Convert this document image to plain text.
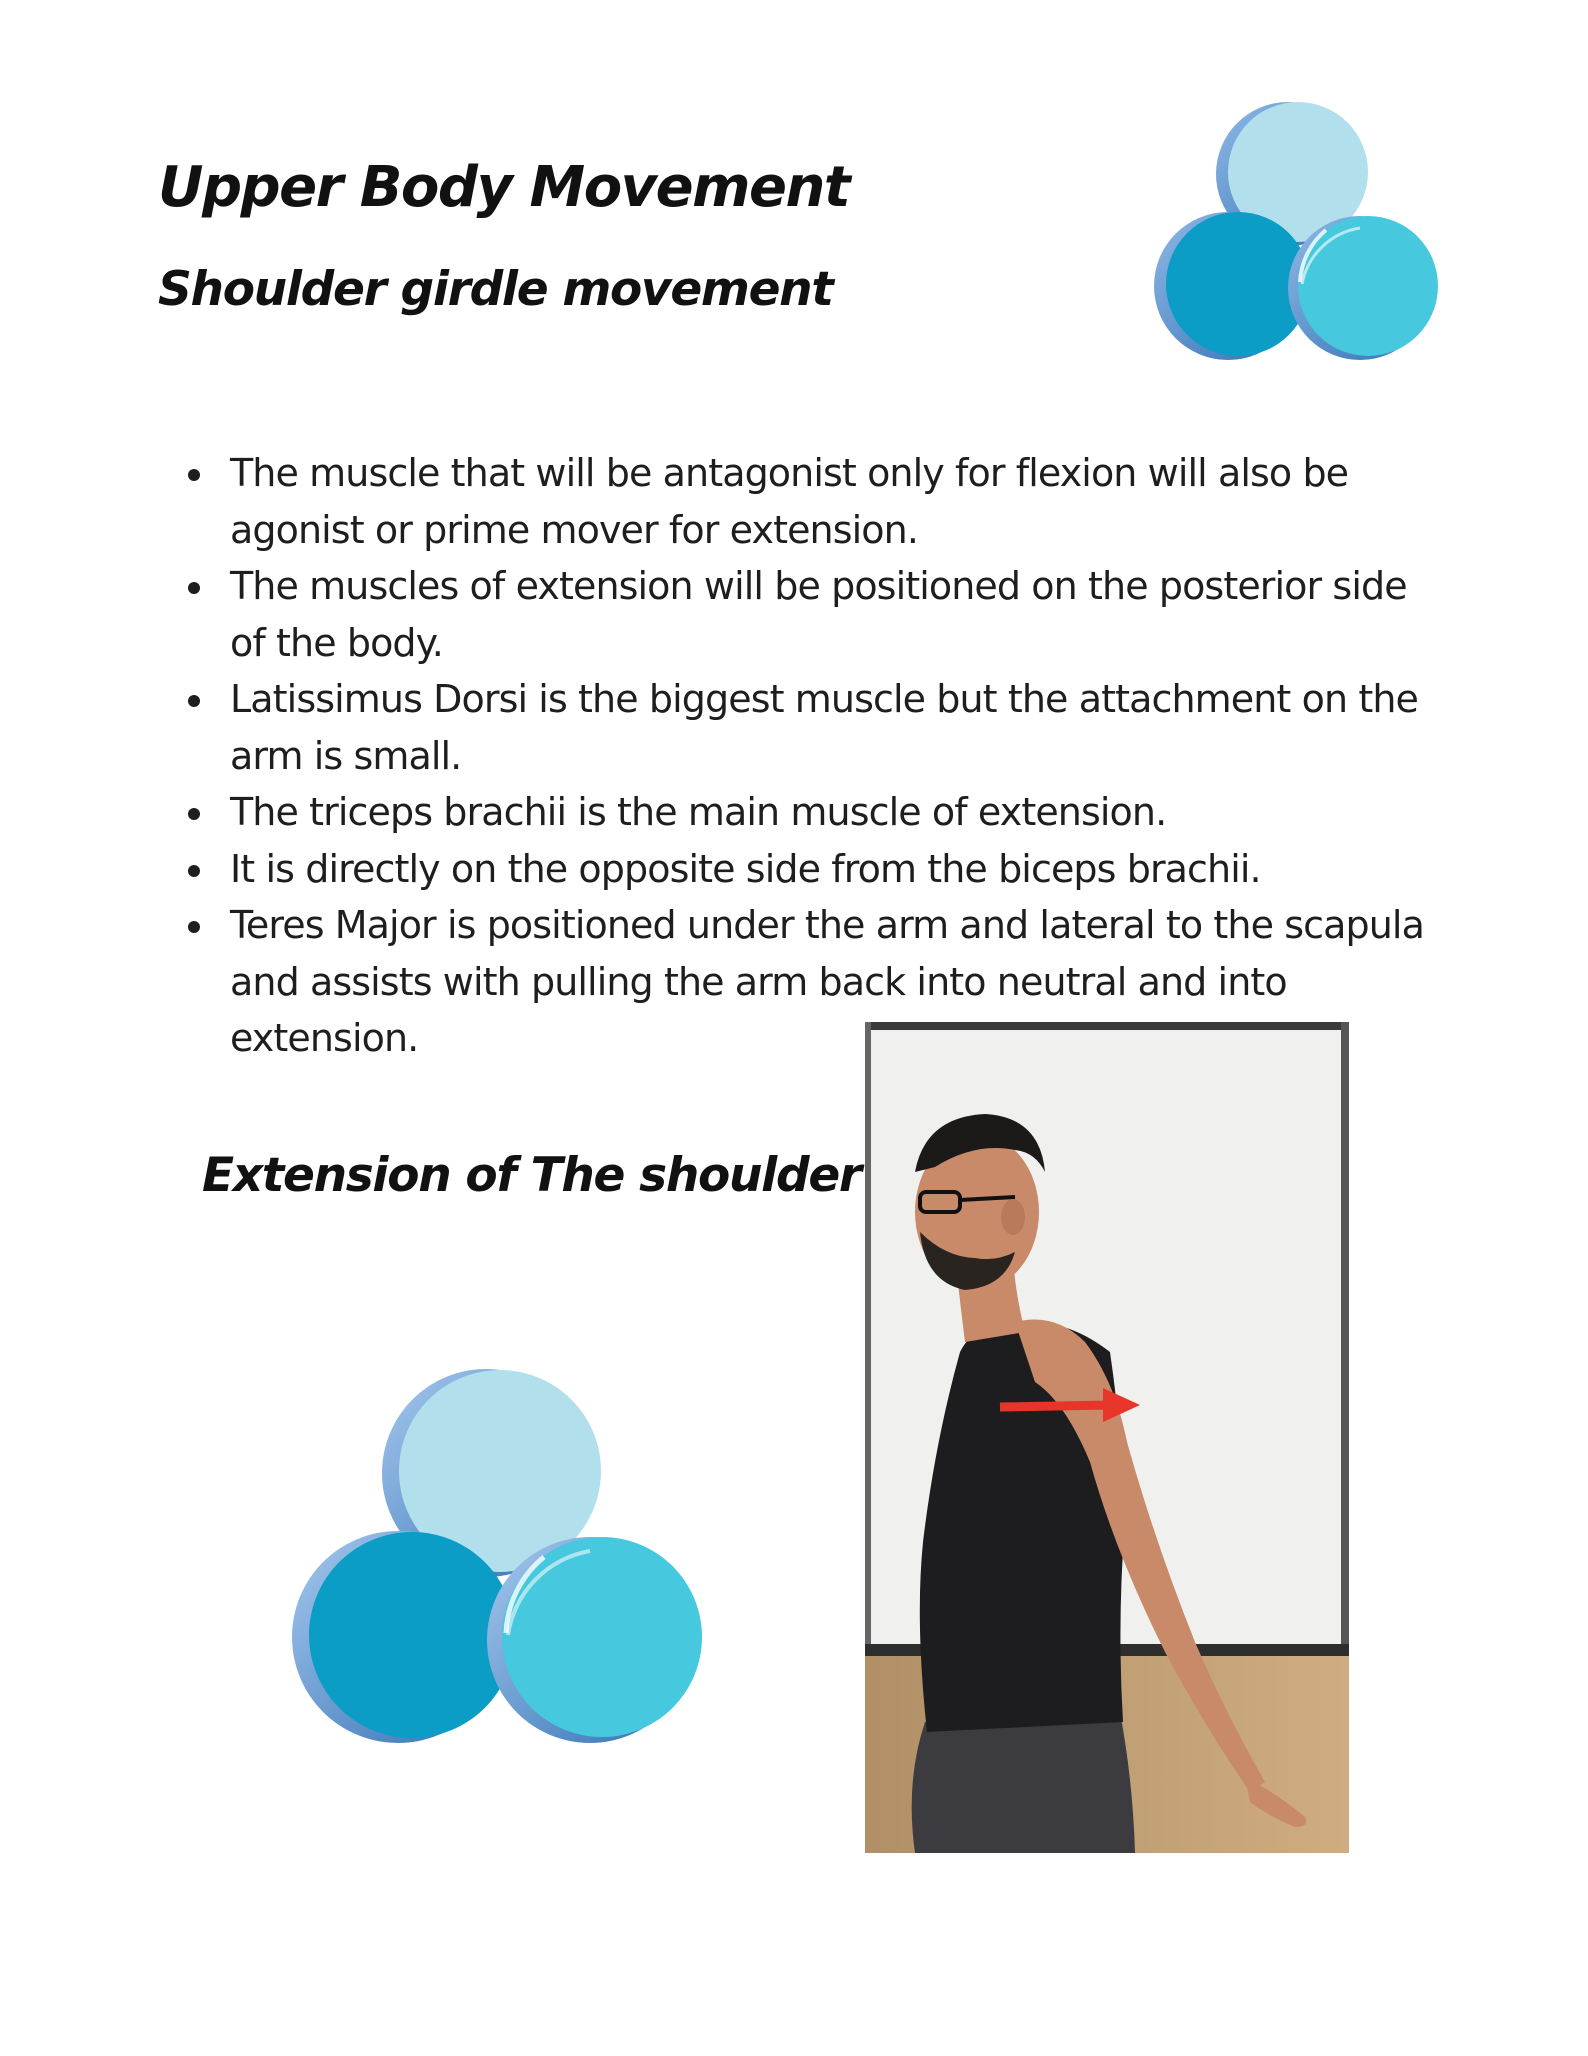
Upper Body Movement
Shoulder girdle movement
The muscle that will be antagonist only for flexion will also be agonist or prime mover for extension.
The muscles of extension will be positioned on the posterior side of the body.
Latissimus Dorsi is the biggest muscle but the attachment on the arm is small.
The triceps brachii is the main muscle of extension.
It is directly on the opposite side from the biceps brachii.
Teres Major is positioned under the arm and lateral to the scapula and assists with pulling the arm back into neutral and into extension.
Extension of The shoulder
